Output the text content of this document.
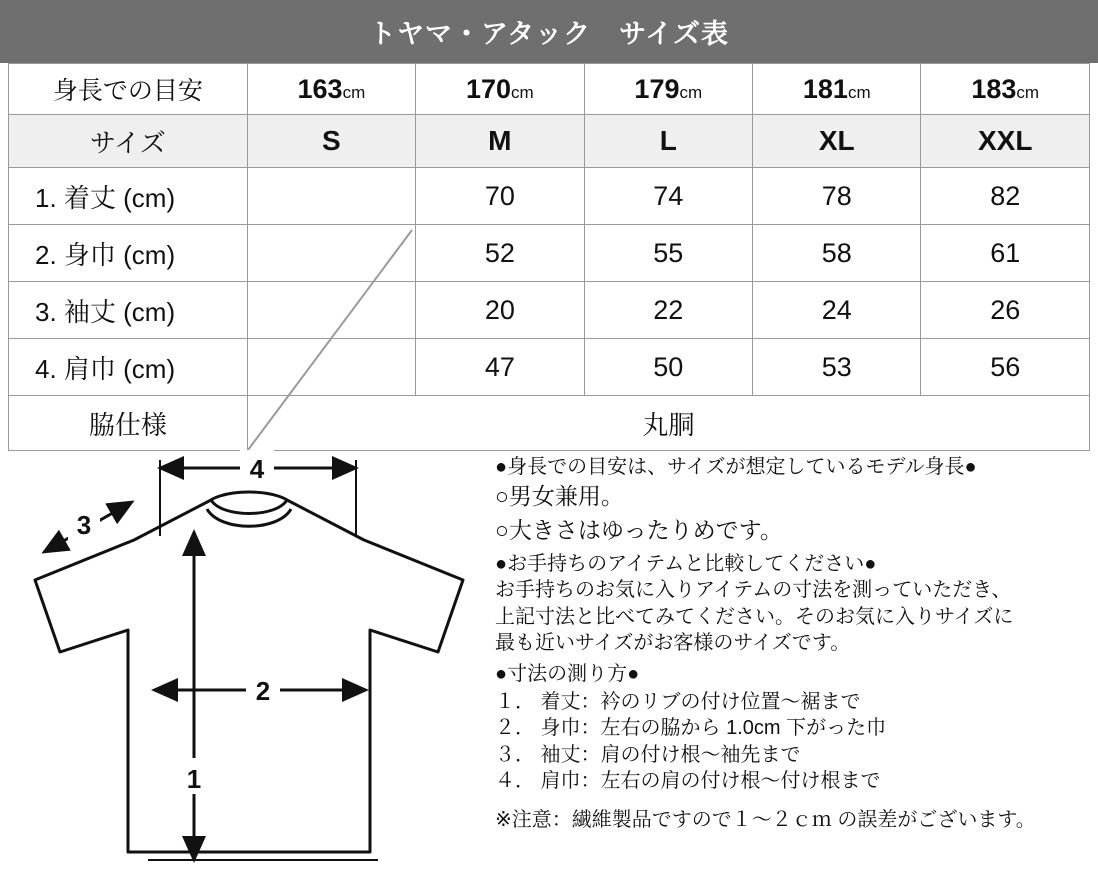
トヤマ・アタック　サイズ表
身長での目安	163cm	170cm	179cm	181cm	183cm
サイズ	S	M	L	XL	XXL
1. 着丈 (cm)		70	74	78	82
2. 身巾 (cm)		52	55	58	61
3. 袖丈 (cm)		20	22	24	26
4. 肩巾 (cm)		47	50	53	56
脇仕様	丸胴				
4
3
2
1
●身長での目安は、サイズが想定しているモデル身長●
○男女兼用。
○大きさはゆったりめです。
●お手持ちのアイテムと比較してください●
お手持ちのお気に入りアイテムの寸法を測っていただき、
上記寸法と比べてみてください。そのお気に入りサイズに
最も近いサイズがお客様のサイズです。
●寸法の測り方●
１． 着丈：衿のリブの付け位置〜裾まで
２． 身巾：左右の脇から 1.0cm 下がった巾
３． 袖丈：肩の付け根〜袖先まで
４． 肩巾：左右の肩の付け根〜付け根まで
※注意：繊維製品ですので１〜２ｃｍ の誤差がございます。
